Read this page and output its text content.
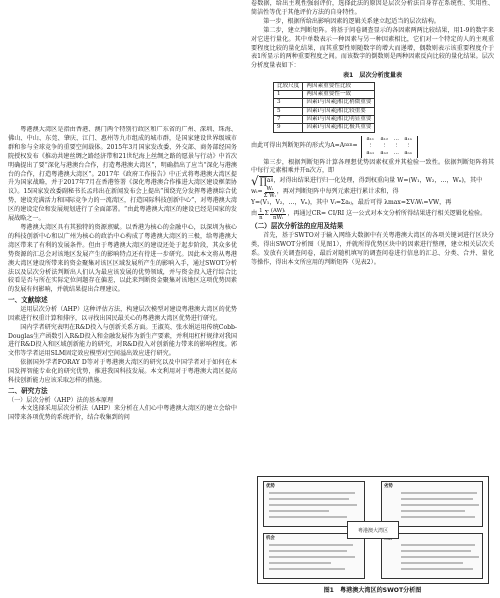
粤港澳大湾区是指由香港、澳门两个特别行政区和广东省的广州、深圳、珠海、佛山、中山、东莞、肇庆、江门、惠州等九市组成的城市群，是国家建设世界级城市群和参与全球竞争的重要空间载体。2015年3月国家发改委、外交部、商务部经国务院授权发布《推动共建丝绸之路经济带和21世纪海上丝绸之路的愿景与行动》中首次明确提出了要“深化与港澳台合作，打造粤港澳大湾区”，明确指出了应当“深化与港澳台的合作，打造粤港澳大湾区”。2017年《政府工作报告》中正式将粤港澳大湾区提升为国家战略，并于2017年7月在香港签署《深化粤港澳合作推进大湾区建设框架协议》。15国家发改委副秘书长孟玮出在新闻发布会上提出“围绕充分发挥粤港澳综合优势，建设充满活力和国际竞争力的一流湾区，打造国际科技创新中心”，对粤港澳大湾区的建设定位和发展规划进行了全面部署。“由此粤港澳大湾区的建设已经是国家的发展战略之一。

粤港澳大湾区具有其独特的资源禀赋。以香港为核心的金融中心，以深圳为核心的科技创新中心和以广州为核心的政治中心构成了粤港澳大湾区的三极，给粤港澳大湾区带来了有利的发展条件。但由于粤港澳大湾区的建设还处于起步阶段，其众多优势资源的汇总会对该地区发展产生的影响特点还有待进一步研究。因此本文将从粤港澳大湾区建设所带来的资金聚集对该区区域发展所产生的影响入手，通过SWOT分析法以及层次分析法判断出人们认为最应该发展的优势领域，并与资金投入进行综合比较看是否与所在实际定位问题存在偏差，以此来判断资金聚集对该地区这项优势因素的发展有何影响，并就结果提出合理建议。

一、文献综述

运用层次分析（AHP）这种评估方法，构建层次模型对建设粤港澳大湾区的优势因素进行权重计算和排序，以寻找出国民最关心的粤港澳大湾区优势进行研究。

国内学者研究表明在R&D投入与创新关系方面。王淑英、张水娟运用传统Cobb-Douglas生产函数引入R&D投入和金融发展作为新生产要素，并利用杠杆规律对我国进行R&D投入和区域创新能力的研究，对R&D投入对创新能力带来的影响程度。郭文伟等学者运用SLM固定效应模型对空间溢出效应进行研究。

依据国外学者FORAY D等对于粤港澳大湾区的研究以及中国学者对于如何在本国发挥智能专业化的研究优势，推进我国科技发展。本文利用对于粤港澳大湾区提高科技创新能力应该采取怎样的措施。

二、研究方法

（一）层次分析（AHP）法的基本原理

本文选择采用层次分析法（AHP）来分析在人们心中粤港澳大湾区的建立会给中国带来各项优势的系统评价，结合收集到的问

卷数据，给出主观性强弱评价，选择此法的原因是层次分析法自身存在系统性、实用性、简洁性等优于其他评价方法的自身特性。

第一步，根据所给出影响因素的逻辑关系建立起适当的层次结构。

第二步，建立判断矩阵。将基于问卷调查显示的各因素两两比较结果，用1-9的数字来对它进行量化。其中单数表示一种因素与另一种因素相比，它们对一个特定的人的主观重要程度比较的量化结果，而其重要性则随数字的增大而递增，偶数则表示该重要程度介于表1所显示的两种重要程度之间。而该数字的倒数则是两种因素反向比较的量化结果。层次分析度量表如下：

表1　层次分析度量表
比较尺度	两因素重要性比较
1	两因素重要性一致
3	因素i与因素j相比稍微重要
5	因素i与因素j相比较重要
7	因素i与因素j相比明显重要
9	因素i与因素j相比极其重要
由此可得出判断矩阵的形式为A=A nxn =
a₁₁	a₁₂	…	a₁ₙ
⋮	⋮	⋮	⋮
aₙ₁	aₙ₂	… aₙₙ

第三步，根据判断矩阵计算各理想优势因素权重并其检验一致性。依据判断矩阵将其中每行元素相乘并开n次方，即

√ ∏ a ij ，对得出结果进行归一化处理，得到权重向量 W=(W₁，W₂，…，Wₙ)，其中
wᵢ= $\frac{\text{Wᵢ}}{\text{Σ Wᵢ}}$ ，再对判断矩阵中每列元素进行累计求和，得

Y=(V₁，V₂，…，Vₙ)，其中 Vᵢ=Σaᵢⱼ，最后可得 λmax=ΣVᵢWᵢ=VW，再

由 $\frac{1}{n}$ Σ $\frac{\text{(AW)ᵢ}}{\text{nWᵢ}}$ ，再通过CR= CI/RI 这一公式对本文分析所得结果进行相关逻辑化检验。
（二）层次分析法的应用及结果

首先，基于SWTO对于输入网络大数据中有关粤港澳大湾区的各项关键词进行区块分类，得出SWOT分析图（见图1），并就所得优势区块中的因素进行整理，建立相关层次关系。发放有关调查问卷，最后对随机填写的调查问卷进行信息的汇总、分类、合并、量化等操作，得出本文所应用的判断矩阵（见表2）。

优势	劣势
机会
粤港澳大湾区
图1　粤港澳大湾区的SWOT分析图
